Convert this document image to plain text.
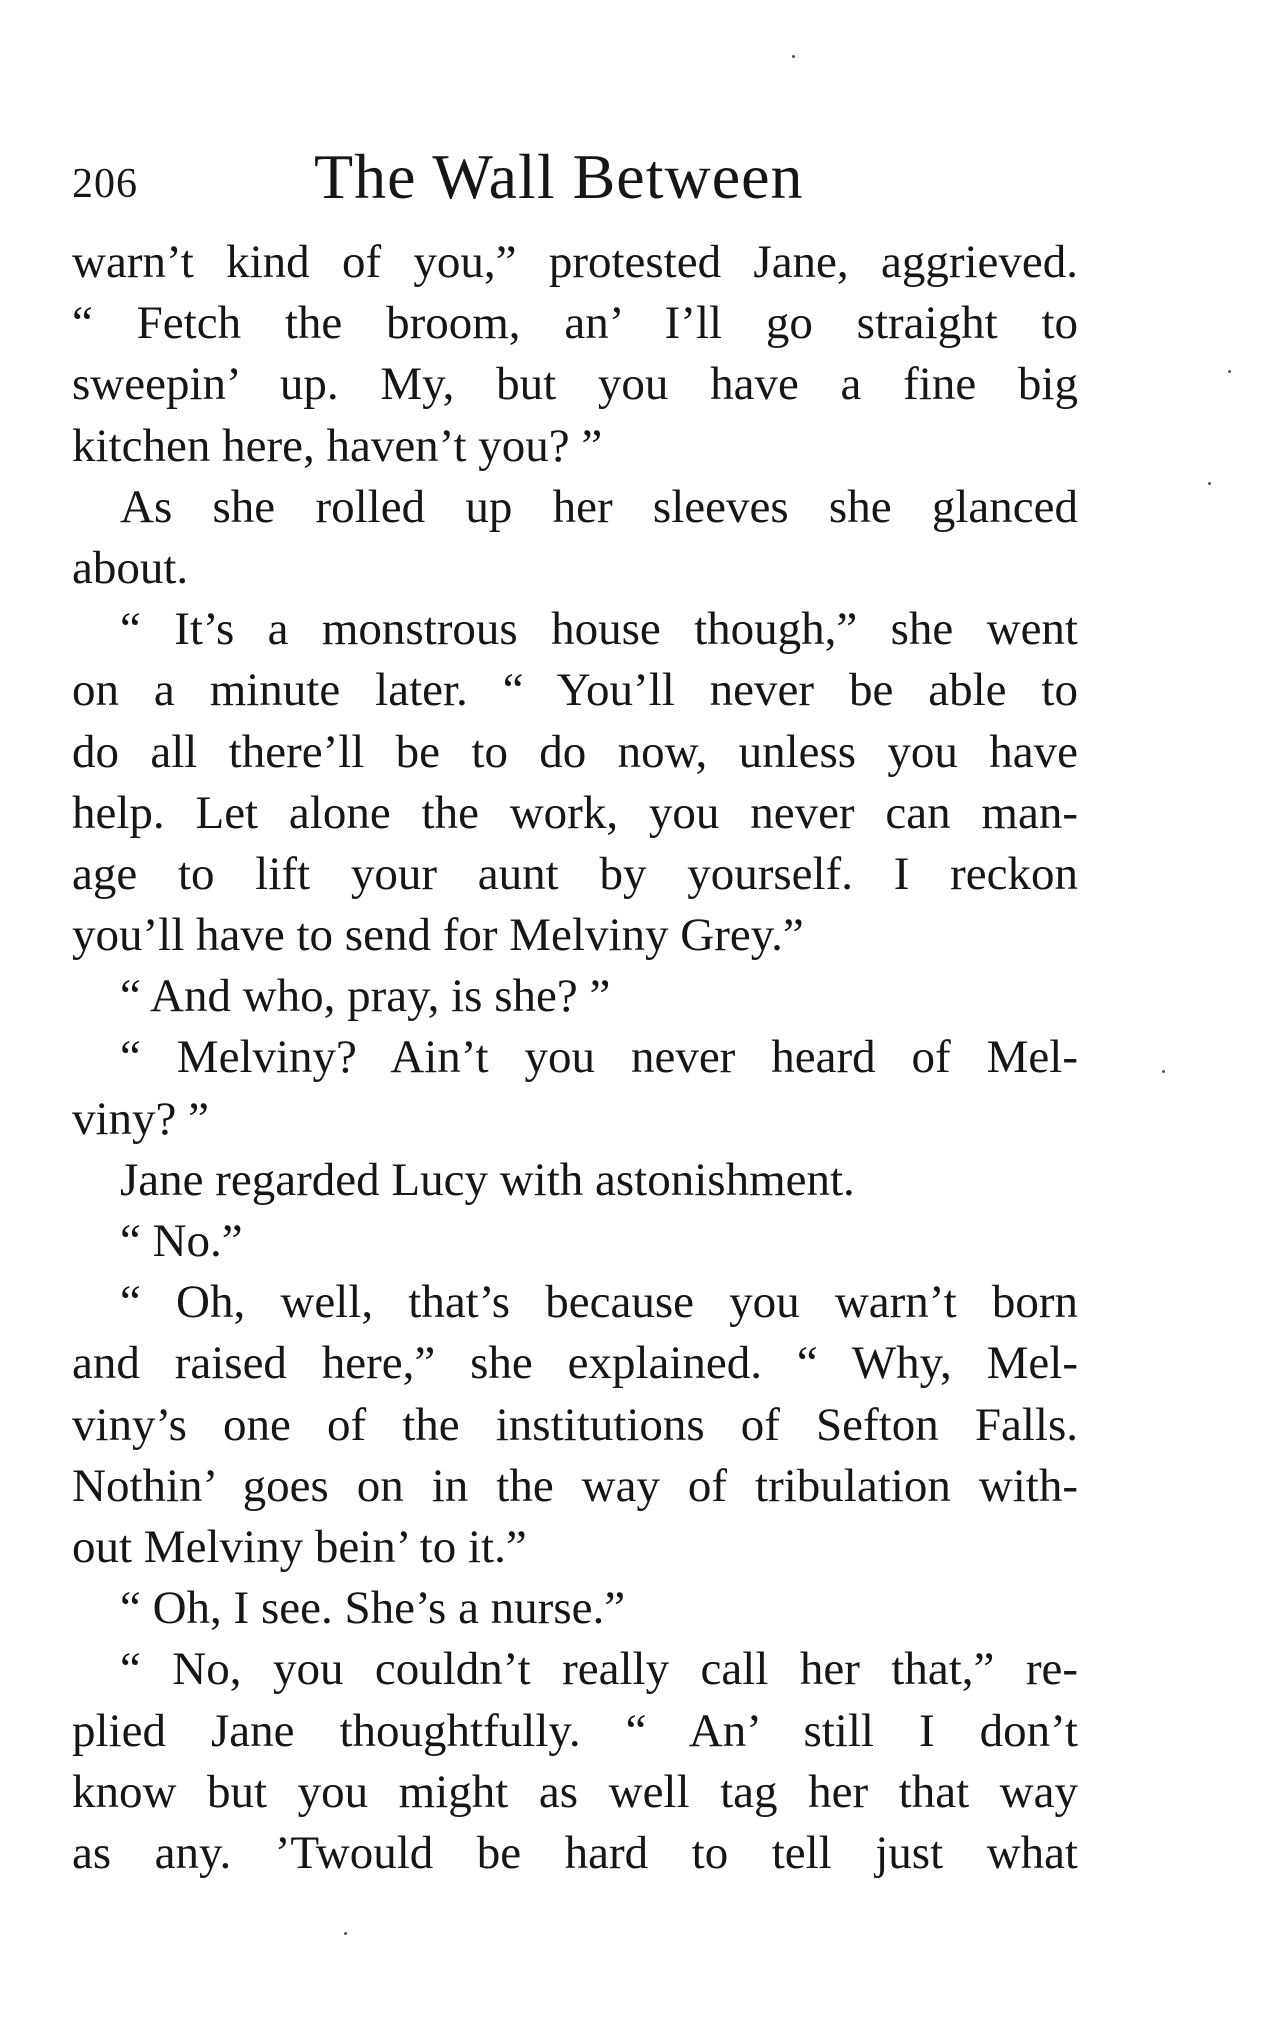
206	The Wall Between
warn’t kind of you,” protested Jane, aggrieved.
“ Fetch the broom, an’ I’ll go straight to
sweepin’ up. My, but you have a fine big
kitchen here, haven’t you? ”
As she rolled up her sleeves she glanced
about.
“ It’s a monstrous house though,” she went
on a minute later. “ You’ll never be able to
do all there’ll be to do now, unless you have
help. Let alone the work, you never can man-
age to lift your aunt by yourself. I reckon
you’ll have to send for Melviny Grey.”
“ And who, pray, is she? ”
“ Melviny? Ain’t you never heard of Mel-
viny? ”
Jane regarded Lucy with astonishment.
“ No.”
“ Oh, well, that’s because you warn’t born
and raised here,” she explained. “ Why, Mel-
viny’s one of the institutions of Sefton Falls.
Nothin’ goes on in the way of tribulation with-
out Melviny bein’ to it.”
“ Oh, I see. She’s a nurse.”
“ No, you couldn’t really call her that,” re-
plied Jane thoughtfully. “ An’ still I don’t
know but you might as well tag her that way
as any. ’Twould be hard to tell just what
